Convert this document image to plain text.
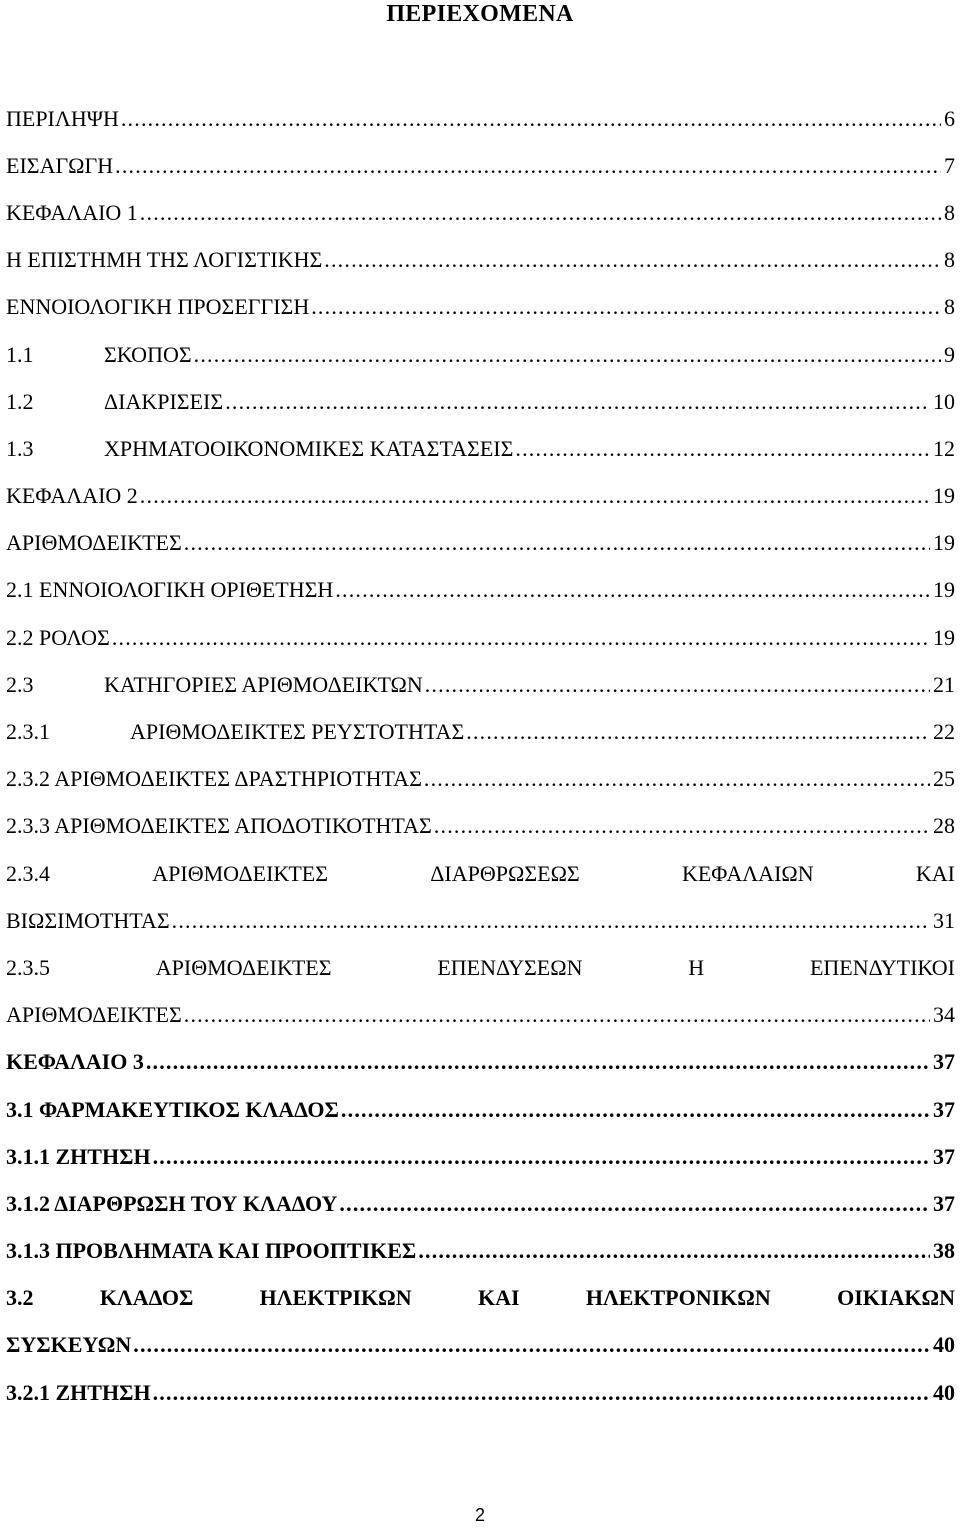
ΠΕΡΙΕΧΟΜΕΝΑ
ΠΕΡΙΛΗΨΗ .....	6
ΕΙΣΑΓΩΓΗ .....	7
ΚΕΦΑΛΑΙΟ 1 .....	8
Η ΕΠΙΣΤΗΜΗ ΤΗΣ ΛΟΓΙΣΤΙΚΗΣ .....	8
ΕΝΝΟΙΟΛΟΓΙΚΗ ΠΡΟΣΕΓΓΙΣΗ .....	8
1.1	ΣΚΟΠΟΣ .....	9
1.2	ΔΙΑΚΡΙΣΕΙΣ .....	10
1.3	ΧΡΗΜΑΤΟΟΙΚΟΝΟΜΙΚΕΣ ΚΑΤΑΣΤΑΣΕΙΣ .....	12
ΚΕΦΑΛΑΙΟ 2 .....	19
ΑΡΙΘΜΟΔΕΙΚΤΕΣ .....	19
2.1 ΕΝΝΟΙΟΛΟΓΙΚΗ ΟΡΙΘΕΤΗΣΗ .....	19
2.2 ΡΟΛΟΣ .....	19
2.3	ΚΑΤΗΓΟΡΙΕΣ ΑΡΙΘΜΟΔΕΙΚΤΩΝ .....	21
2.3.1	ΑΡΙΘΜΟΔΕΙΚΤΕΣ ΡΕΥΣΤΟΤΗΤΑΣ .....	22
2.3.2 ΑΡΙΘΜΟΔΕΙΚΤΕΣ ΔΡΑΣΤΗΡΙΟΤΗΤΑΣ .....	25
2.3.3 ΑΡΙΘΜΟΔΕΙΚΤΕΣ ΑΠΟΔΟΤΙΚΟΤΗΤΑΣ .....	28
2.3.4	ΑΡΙΘΜΟΔΕΙΚΤΕΣ	ΔΙΑΡΘΡΩΣΕΩΣ	ΚΕΦΑΛΑΙΩΝ	ΚΑΙ
ΒΙΩΣΙΜΟΤΗΤΑΣ .....	31
2.3.5	ΑΡΙΘΜΟΔΕΙΚΤΕΣ	ΕΠΕΝΔΥΣΕΩΝ	Η	ΕΠΕΝΔΥΤΙΚΟΙ
ΑΡΙΘΜΟΔΕΙΚΤΕΣ .....	34
ΚΕΦΑΛΑΙΟ 3 .....	37
3.1 ΦΑΡΜΑΚΕΥΤΙΚΟΣ ΚΛΑΔΟΣ .....	37
3.1.1 ΖΗΤΗΣΗ .....	37
3.1.2 ΔΙΑΡΘΡΩΣΗ ΤΟΥ ΚΛΑΔΟΥ .....	37
3.1.3 ΠΡΟΒΛΗΜΑΤΑ ΚΑΙ ΠΡΟΟΠΤΙΚΕΣ .....	38
3.2	ΚΛΑΔΟΣ	ΗΛΕΚΤΡΙΚΩΝ	ΚΑΙ	ΗΛΕΚΤΡΟΝΙΚΩΝ	ΟΙΚΙΑΚΩΝ
ΣΥΣΚΕΥΩΝ .....	40
3.2.1 ΖΗΤΗΣΗ .....	40
2
